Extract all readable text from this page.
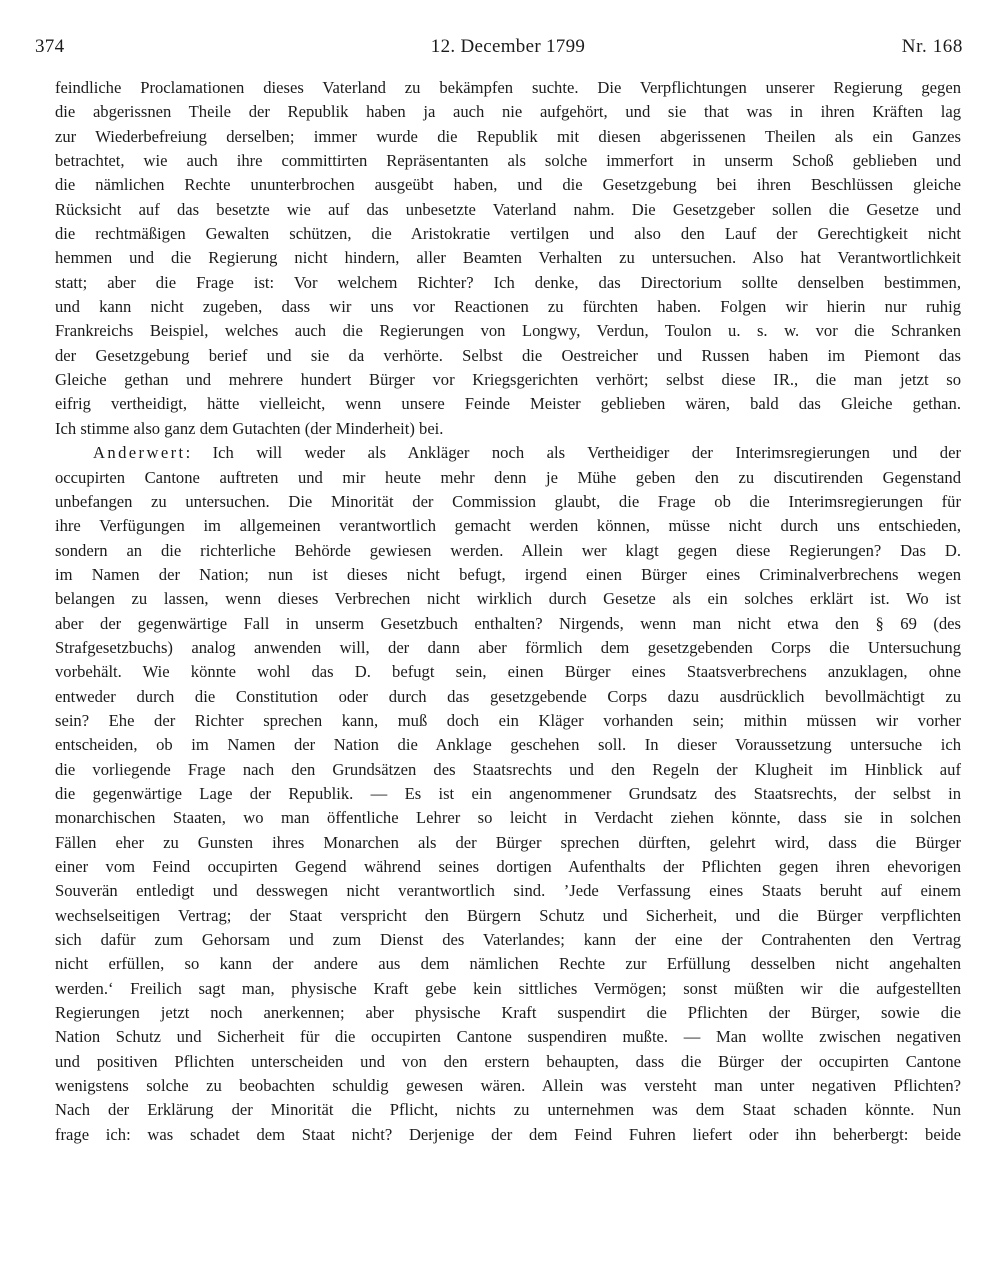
374	12. December 1799	Nr. 168
feindliche Proclamationen dieses Vaterland zu bekämpfen suchte. Die Verpflichtungen unserer Regierung gegen
die abgerissnen Theile der Republik haben ja auch nie aufgehört, und sie that was in ihren Kräften lag
zur Wiederbefreiung derselben; immer wurde die Republik mit diesen abgerissenen Theilen als ein Ganzes
betrachtet, wie auch ihre committirten Repräsentanten als solche immerfort in unserm Schoß geblieben und
die nämlichen Rechte ununterbrochen ausgeübt haben, und die Gesetzgebung bei ihren Beschlüssen gleiche
Rücksicht auf das besetzte wie auf das unbesetzte Vaterland nahm. Die Gesetzgeber sollen die Gesetze und
die rechtmäßigen Gewalten schützen, die Aristokratie vertilgen und also den Lauf der Gerechtigkeit nicht
hemmen und die Regierung nicht hindern, aller Beamten Verhalten zu untersuchen. Also hat Verantwortlichkeit
statt; aber die Frage ist: Vor welchem Richter? Ich denke, das Directorium sollte denselben bestimmen,
und kann nicht zugeben, dass wir uns vor Reactionen zu fürchten haben. Folgen wir hierin nur ruhig
Frankreichs Beispiel, welches auch die Regierungen von Longwy, Verdun, Toulon u. s. w. vor die Schranken
der Gesetzgebung berief und sie da verhörte. Selbst die Oestreicher und Russen haben im Piemont das
Gleiche gethan und mehrere hundert Bürger vor Kriegsgerichten verhört; selbst diese IR., die man jetzt so
eifrig vertheidigt, hätte vielleicht, wenn unsere Feinde Meister geblieben wären, bald das Gleiche gethan.
Ich stimme also ganz dem Gutachten (der Minderheit) bei.
Anderwert: Ich will weder als Ankläger noch als Vertheidiger der Interimsregierungen und der
occupirten Cantone auftreten und mir heute mehr denn je Mühe geben den zu discutirenden Gegenstand
unbefangen zu untersuchen. Die Minorität der Commission glaubt, die Frage ob die Interimsregierungen für
ihre Verfügungen im allgemeinen verantwortlich gemacht werden können, müsse nicht durch uns entschieden,
sondern an die richterliche Behörde gewiesen werden. Allein wer klagt gegen diese Regierungen? Das D.
im Namen der Nation; nun ist dieses nicht befugt, irgend einen Bürger eines Criminalverbrechens wegen
belangen zu lassen, wenn dieses Verbrechen nicht wirklich durch Gesetze als ein solches erklärt ist. Wo ist
aber der gegenwärtige Fall in unserm Gesetzbuch enthalten? Nirgends, wenn man nicht etwa den § 69 (des
Strafgesetzbuchs) analog anwenden will, der dann aber förmlich dem gesetzgebenden Corps die Untersuchung
vorbehält. Wie könnte wohl das D. befugt sein, einen Bürger eines Staatsverbrechens anzuklagen, ohne
entweder durch die Constitution oder durch das gesetzgebende Corps dazu ausdrücklich bevollmächtigt zu
sein? Ehe der Richter sprechen kann, muß doch ein Kläger vorhanden sein; mithin müssen wir vorher
entscheiden, ob im Namen der Nation die Anklage geschehen soll. In dieser Voraussetzung untersuche ich
die vorliegende Frage nach den Grundsätzen des Staatsrechts und den Regeln der Klugheit im Hinblick auf
die gegenwärtige Lage der Republik. — Es ist ein angenommener Grundsatz des Staatsrechts, der selbst in
monarchischen Staaten, wo man öffentliche Lehrer so leicht in Verdacht ziehen könnte, dass sie in solchen
Fällen eher zu Gunsten ihres Monarchen als der Bürger sprechen dürften, gelehrt wird, dass die Bürger
einer vom Feind occupirten Gegend während seines dortigen Aufenthalts der Pflichten gegen ihren ehevorigen
Souverän entledigt und desswegen nicht verantwortlich sind. ’Jede Verfassung eines Staats beruht auf einem
wechselseitigen Vertrag; der Staat verspricht den Bürgern Schutz und Sicherheit, und die Bürger verpflichten
sich dafür zum Gehorsam und zum Dienst des Vaterlandes; kann der eine der Contrahenten den Vertrag
nicht erfüllen, so kann der andere aus dem nämlichen Rechte zur Erfüllung desselben nicht angehalten
werden.‘ Freilich sagt man, physische Kraft gebe kein sittliches Vermögen; sonst müßten wir die aufgestellten
Regierungen jetzt noch anerkennen; aber physische Kraft suspendirt die Pflichten der Bürger, sowie die
Nation Schutz und Sicherheit für die occupirten Cantone suspendiren mußte. — Man wollte zwischen negativen
und positiven Pflichten unterscheiden und von den erstern behaupten, dass die Bürger der occupirten Cantone
wenigstens solche zu beobachten schuldig gewesen wären. Allein was versteht man unter negativen Pflichten?
Nach der Erklärung der Minorität die Pflicht, nichts zu unternehmen was dem Staat schaden könnte. Nun
frage ich: was schadet dem Staat nicht? Derjenige der dem Feind Fuhren liefert oder ihn beherbergt: beide
